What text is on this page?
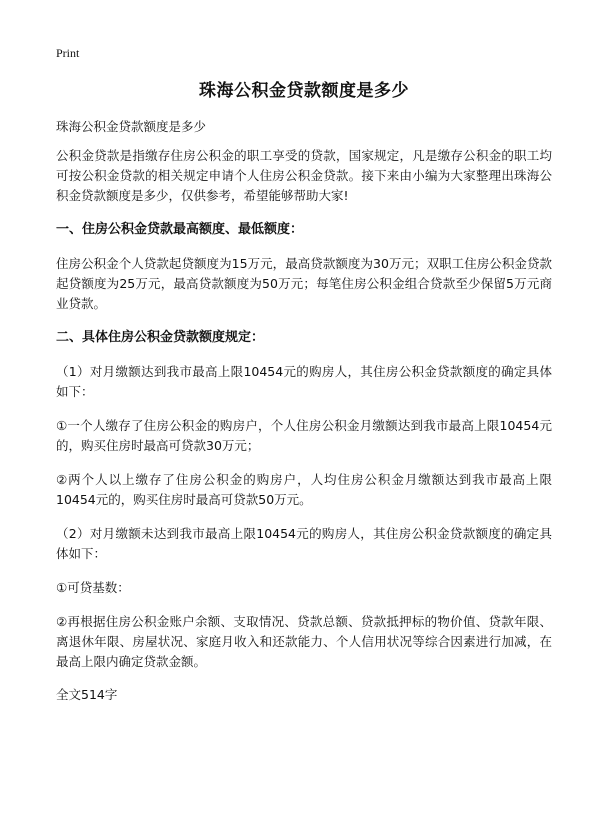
Print
珠海公积金贷款额度是多少
珠海公积金贷款额度是多少

公积金贷款是指缴存住房公积金的职工享受的贷款，国家规定，凡是缴存公积金的职工均可按公积金贷款的相关规定申请个人住房公积金贷款。接下来由小编为大家整理出珠海公积金贷款额度是多少，仅供参考，希望能够帮助大家!

一、住房公积金贷款最高额度、最低额度：

住房公积金个人贷款起贷额度为15万元，最高贷款额度为30万元；双职工住房公积金贷款起贷额度为25万元，最高贷款额度为50万元；每笔住房公积金组合贷款至少保留5万元商业贷款。

二、具体住房公积金贷款额度规定：

（1）对月缴额达到我市最高上限10454元的购房人，其住房公积金贷款额度的确定具体如下：

①一个人缴存了住房公积金的购房户，个人住房公积金月缴额达到我市最高上限10454元的，购买住房时最高可贷款30万元；

②两个人以上缴存了住房公积金的购房户，人均住房公积金月缴额达到我市最高上限10454元的，购买住房时最高可贷款50万元。

（2）对月缴额未达到我市最高上限10454元的购房人，其住房公积金贷款额度的确定具体如下：

①可贷基数：

②再根据住房公积金账户余额、支取情况、贷款总额、贷款抵押标的物价值、贷款年限、离退休年限、房屋状况、家庭月收入和还款能力、个人信用状况等综合因素进行加减，在最高上限内确定贷款金额。

全文514字
